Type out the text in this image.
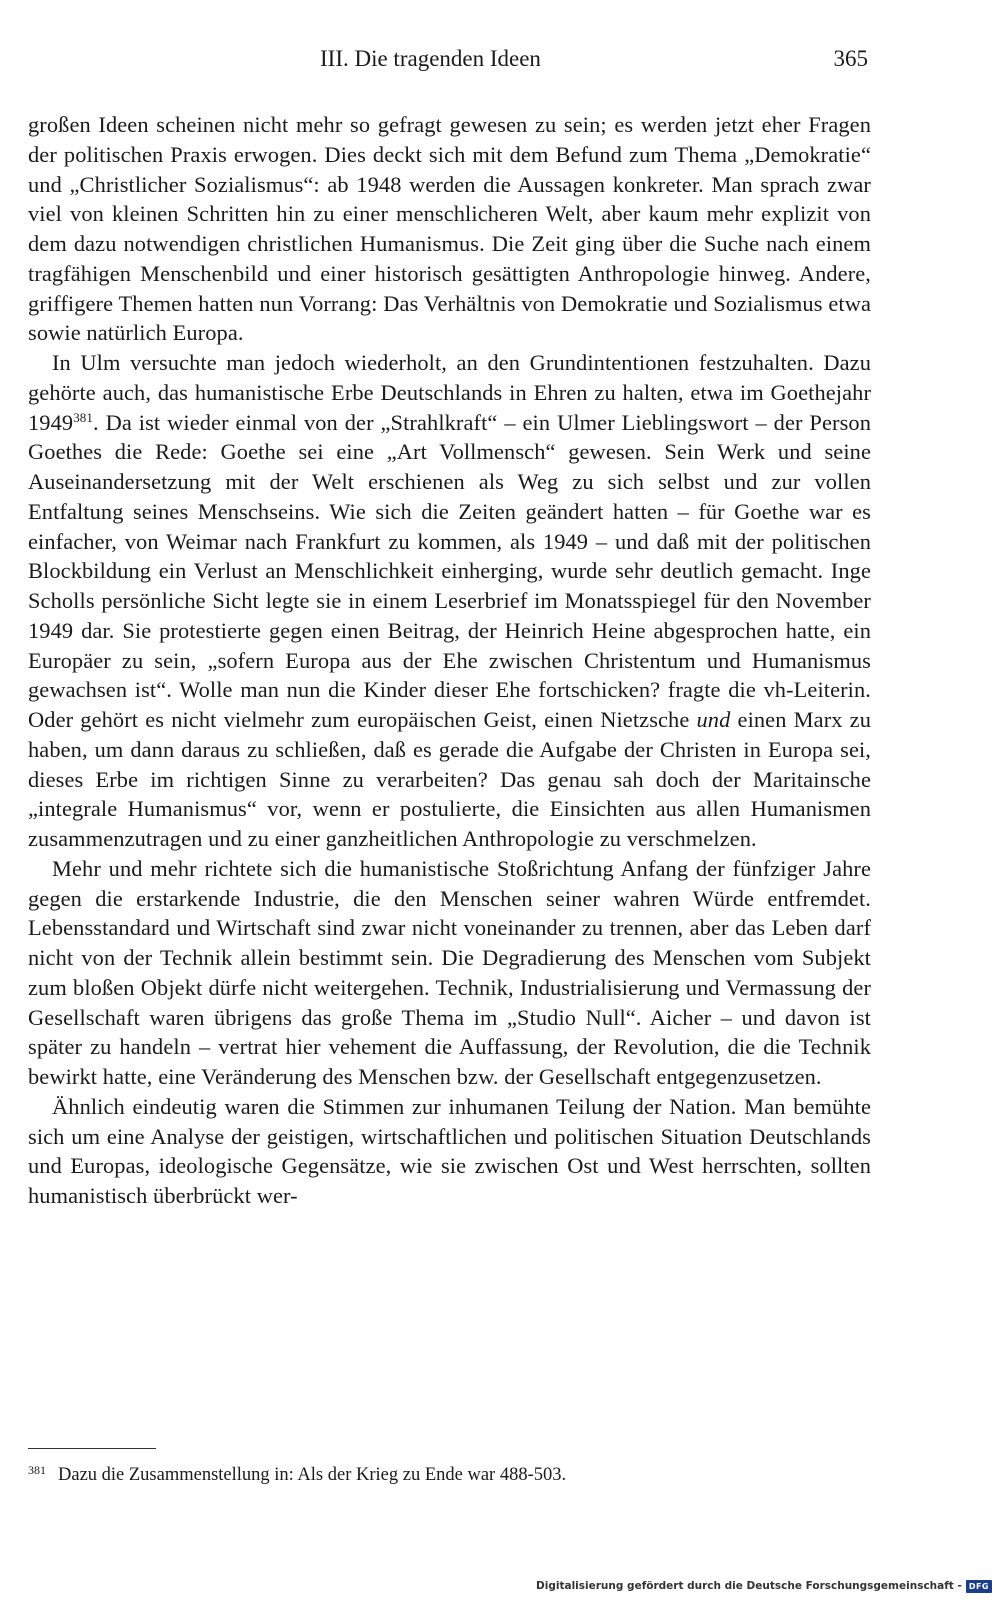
III. Die tragenden Ideen	365

großen Ideen scheinen nicht mehr so gefragt gewesen zu sein; es werden jetzt eher Fragen der politischen Praxis erwogen. Dies deckt sich mit dem Befund zum Thema „Demokratie“ und „Christlicher Sozialismus“: ab 1948 werden die Aussagen konkreter. Man sprach zwar viel von kleinen Schritten hin zu einer menschlicheren Welt, aber kaum mehr explizit von dem dazu notwendigen christlichen Humanismus. Die Zeit ging über die Suche nach einem tragfähigen Menschenbild und einer historisch gesättigten Anthropologie hinweg. Andere, griffigere Themen hatten nun Vorrang: Das Verhältnis von Demokratie und Sozialismus etwa sowie natürlich Europa.

In Ulm versuchte man jedoch wiederholt, an den Grundintentionen festzuhalten. Dazu gehörte auch, das humanistische Erbe Deutschlands in Ehren zu halten, etwa im Goethejahr 1949$^{381}$. Da ist wieder einmal von der „Strahlkraft“ – ein Ulmer Lieblingswort – der Person Goethes die Rede: Goethe sei eine „Art Vollmensch“ gewesen. Sein Werk und seine Auseinandersetzung mit der Welt erschienen als Weg zu sich selbst und zur vollen Entfaltung seines Menschseins. Wie sich die Zeiten geändert hatten – für Goethe war es einfacher, von Weimar nach Frankfurt zu kommen, als 1949 – und daß mit der politischen Blockbildung ein Verlust an Menschlichkeit einherging, wurde sehr deutlich gemacht. Inge Scholls persönliche Sicht legte sie in einem Leserbrief im Monatsspiegel für den November 1949 dar. Sie protestierte gegen einen Beitrag, der Heinrich Heine abgesprochen hatte, ein Europäer zu sein, „sofern Europa aus der Ehe zwischen Christentum und Humanismus gewachsen ist“. Wolle man nun die Kinder dieser Ehe fortschicken? fragte die vh-Leiterin. Oder gehört es nicht vielmehr zum europäischen Geist, einen Nietzsche und einen Marx zu haben, um dann daraus zu schließen, daß es gerade die Aufgabe der Christen in Europa sei, dieses Erbe im richtigen Sinne zu verarbeiten? Das genau sah doch der Maritainsche „integrale Humanismus“ vor, wenn er postulierte, die Einsichten aus allen Humanismen zusammenzutragen und zu einer ganzheitlichen Anthropologie zu verschmelzen.

Mehr und mehr richtete sich die humanistische Stoßrichtung Anfang der fünfziger Jahre gegen die erstarkende Industrie, die den Menschen seiner wahren Würde entfremdet. Lebensstandard und Wirtschaft sind zwar nicht voneinander zu trennen, aber das Leben darf nicht von der Technik allein bestimmt sein. Die Degradierung des Menschen vom Subjekt zum bloßen Objekt dürfe nicht weitergehen. Technik, Industrialisierung und Vermassung der Gesellschaft waren übrigens das große Thema im „Studio Null“. Aicher – und davon ist später zu handeln – vertrat hier vehement die Auffassung, der Revolution, die die Technik bewirkt hatte, eine Veränderung des Menschen bzw. der Gesellschaft entgegenzusetzen.

Ähnlich eindeutig waren die Stimmen zur inhumanen Teilung der Nation. Man bemühte sich um eine Analyse der geistigen, wirtschaftlichen und politischen Situation Deutschlands und Europas, ideologische Gegensätze, wie sie zwischen Ost und West herrschten, sollten humanistisch überbrückt wer-

$^{381}$ Dazu die Zusammenstellung in: Als der Krieg zu Ende war 488-503.
Digitalisierung gefördert durch die Deutsche Forschungsgemeinschaft - DFG
